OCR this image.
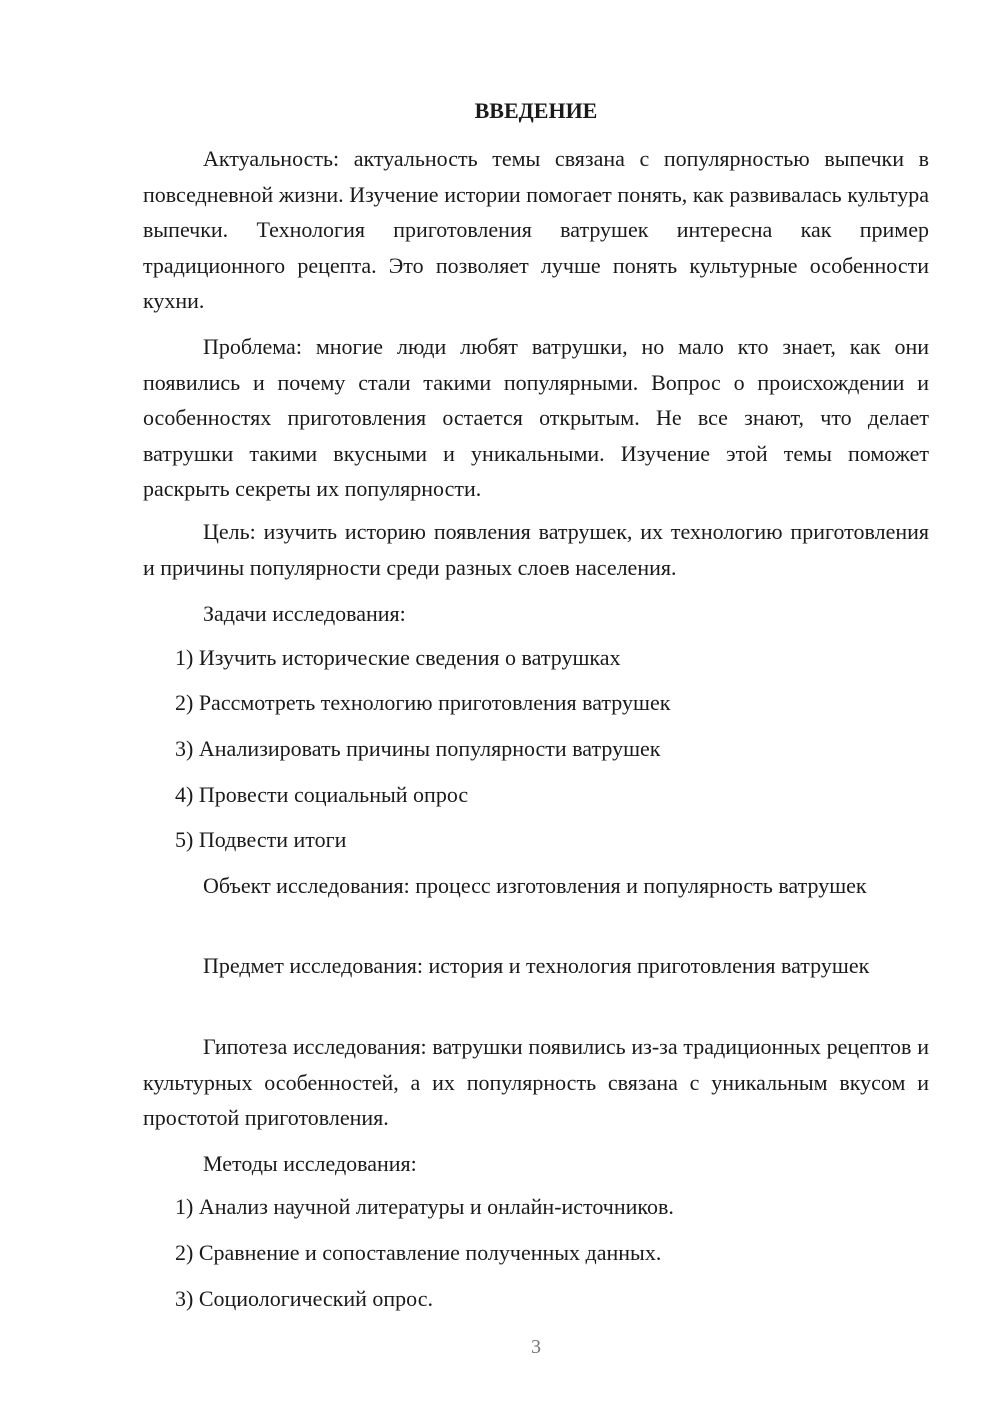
ВВЕДЕНИЕ

Актуальность: актуальность темы связана с популярностью выпечки в повседневной жизни. Изучение истории помогает понять, как развивалась культура выпечки. Технология приготовления ватрушек интересна как пример традиционного рецепта. Это позволяет лучше понять культурные особенности кухни.

Проблема: многие люди любят ватрушки, но мало кто знает, как они появились и почему стали такими популярными. Вопрос о происхождении и особенностях приготовления остается открытым. Не все знают, что делает ватрушки такими вкусными и уникальными. Изучение этой темы поможет раскрыть секреты их популярности.

Цель: изучить историю появления ватрушек, их технологию приготовления и причины популярности среди разных слоев населения.

Задачи исследования:

1) Изучить исторические сведения о ватрушках

2) Рассмотреть технологию приготовления ватрушек

3) Анализировать причины популярности ватрушек

4) Провести социальный опрос

5) Подвести итоги

Объект исследования: процесс изготовления и популярность ватрушек

Предмет исследования: история и технология приготовления ватрушек

Гипотеза исследования: ватрушки появились из-за традиционных рецептов и культурных особенностей, а их популярность связана с уникальным вкусом и простотой приготовления.

Методы исследования:

1) Анализ научной литературы и онлайн-источников.

2) Сравнение и сопоставление полученных данных.

3) Социологический опрос.

3
